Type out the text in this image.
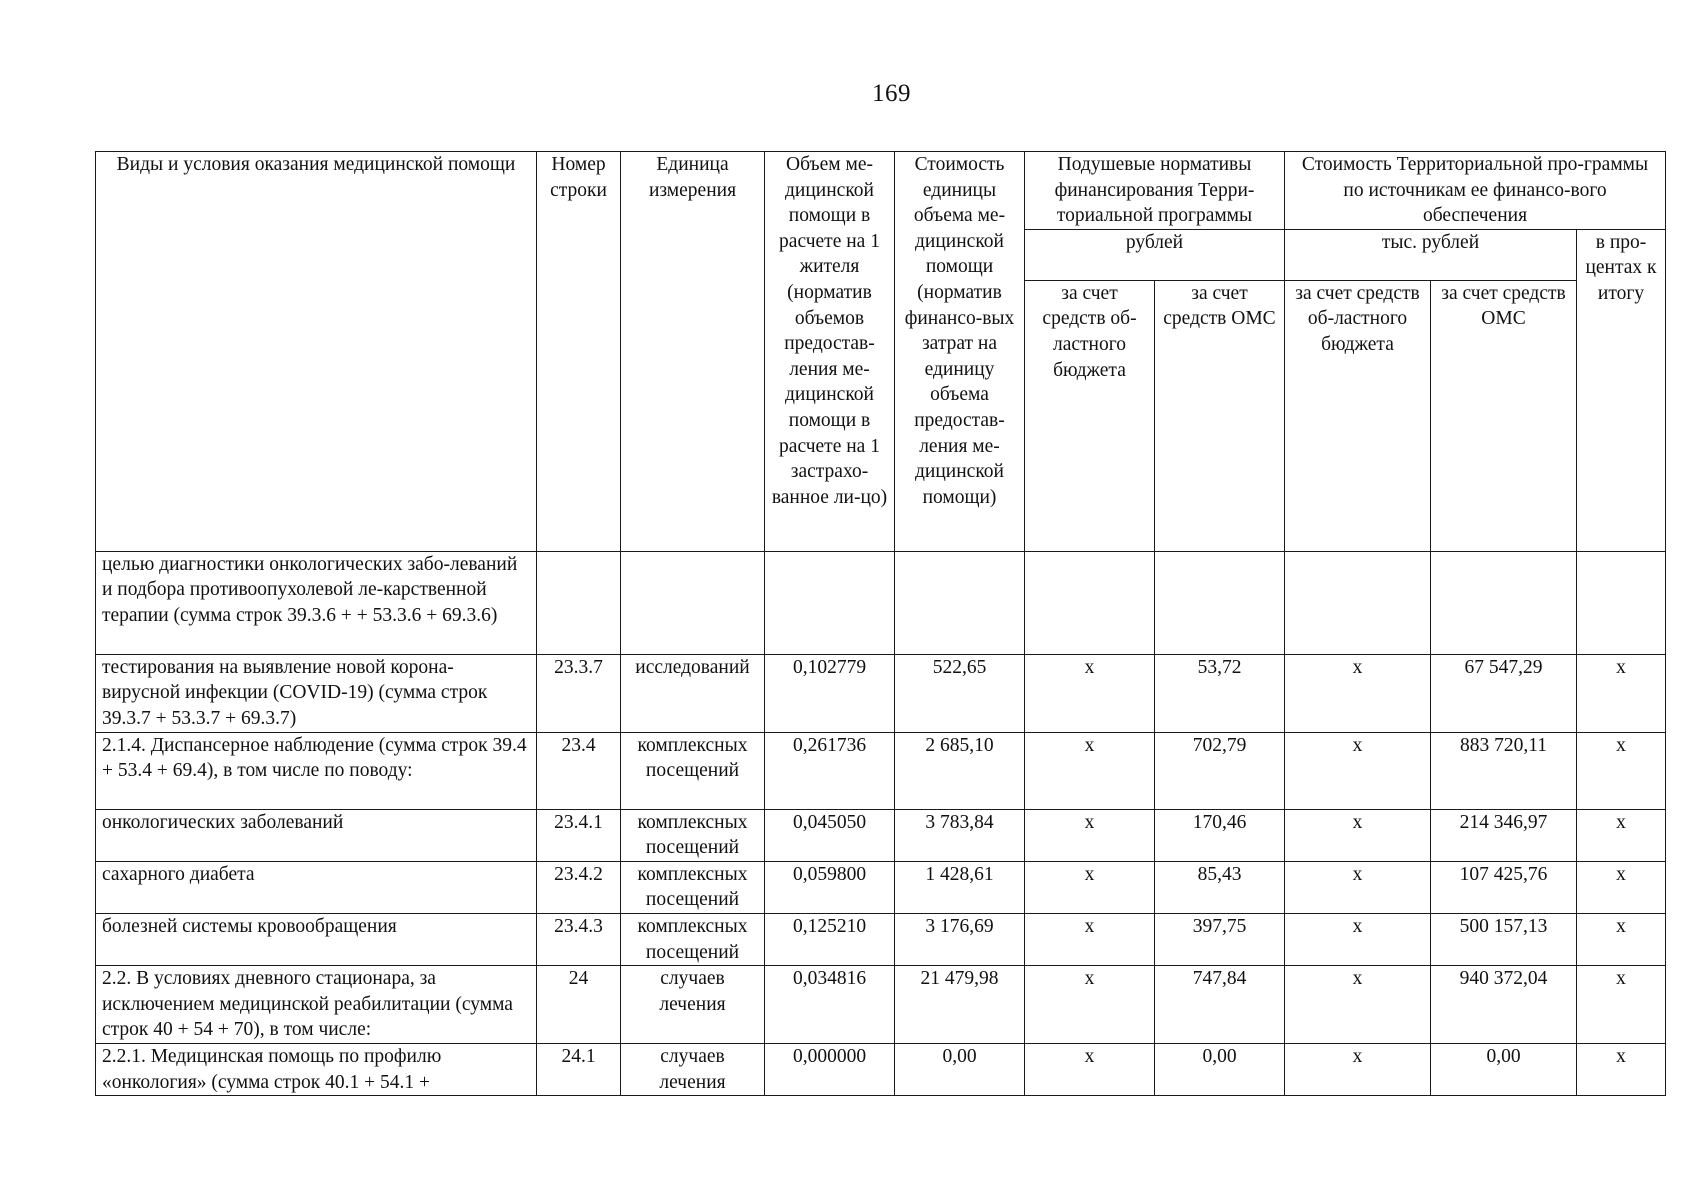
169
Виды и условия оказания медицинской помощи	Номер строки	Единица измерения	Объем ме-дицинской помощи в расчете на 1 жителя (норматив объемов предостав-ления ме-дицинской помощи в расчете на 1 застрахо-ванное ли-цо)	Стоимость единицы объема ме-дицинской помощи (норматив финансо-вых затрат на единицу объема предостав-ления ме-дицинской помощи)	Подушевые нормативы финансирования Терри-ториальной программы		Стоимость Территориальной про-граммы по источникам ее финансо-вого обеспечения		
					рублей		тыс. рублей		в про-центах к итогу
					за счет средств об-ластного бюджета	за счет средств ОМС	за счет средств об-ластного бюджета	за счет средств ОМС	
целью диагностики онкологических забо-леваний и подбора противоопухолевой ле-карственной терапии (сумма строк 39.3.6 + + 53.3.6 + 69.3.6)									
тестирования на выявление новой корона-вирусной инфекции (COVID-19) (сумма строк 39.3.7 + 53.3.7 + 69.3.7)	23.3.7	исследований	0,102779	522,65	x	53,72	x	67 547,29	x
2.1.4. Диспансерное наблюдение (сумма строк 39.4 + 53.4 + 69.4), в том числе по поводу:	23.4	комплексных посещений	0,261736	2 685,10	x	702,79	x	883 720,11	x
онкологических заболеваний	23.4.1	комплексных посещений	0,045050	3 783,84	x	170,46	x	214 346,97	x
сахарного диабета	23.4.2	комплексных посещений	0,059800	1 428,61	x	85,43	x	107 425,76	x
болезней системы кровообращения	23.4.3	комплексных посещений	0,125210	3 176,69	x	397,75	x	500 157,13	x
2.2. В условиях дневного стационара, за исключением медицинской реабилитации (сумма строк 40 + 54 + 70), в том числе:	24	случаев лечения	0,034816	21 479,98	x	747,84	x	940 372,04	x
2.2.1. Медицинская помощь по профилю «онкология» (сумма строк 40.1 + 54.1 +	24.1	случаев лечения	0,000000	0,00	x	0,00	x	0,00	x
